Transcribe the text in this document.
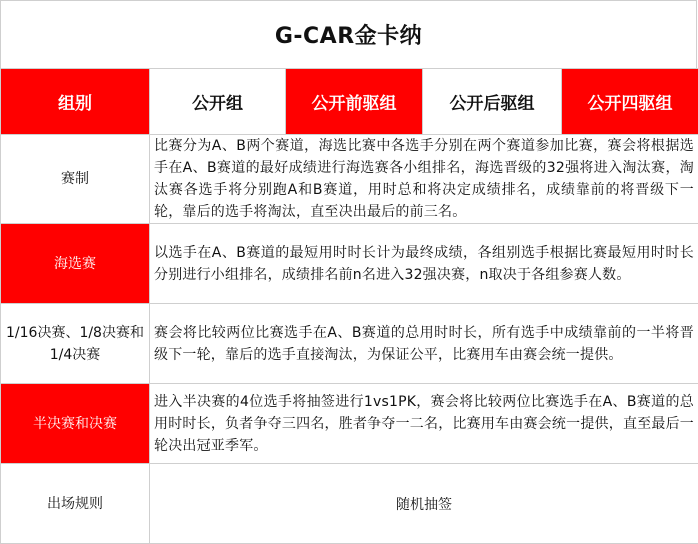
G-CAR金卡纳
组别	公开组	公开前驱组	公开后驱组	公开四驱组
赛制	比赛分为A、B两个赛道，海选比赛中各选手分别在两个赛道参加比赛，赛会将根据选手在A、B赛道的最好成绩进行海选赛各小组排名，海选晋级的32强将进入淘汰赛，淘汰赛各选手将分别跑A和B赛道，用时总和将决定成绩排名，成绩靠前的将晋级下一轮，靠后的选手将淘汰，直至决出最后的前三名。			
海选赛	以选手在A、B赛道的最短用时时长计为最终成绩，各组别选手根据比赛最短用时时长分别进行小组排名，成绩排名前n名进入32强决赛，n取决于各组参赛人数。			
1/16决赛、1/8决赛和1/4决赛	赛会将比较两位比赛选手在A、B赛道的总用时时长，所有选手中成绩靠前的一半将晋级下一轮，靠后的选手直接淘汰，为保证公平，比赛用车由赛会统一提供。			
半决赛和决赛	进入半决赛的4位选手将抽签进行1vs1PK，赛会将比较两位比赛选手在A、B赛道的总用时时长，负者争夺三四名，胜者争夺一二名，比赛用车由赛会统一提供，直至最后一轮决出冠亚季军。			
出场规则	随机抽签			
